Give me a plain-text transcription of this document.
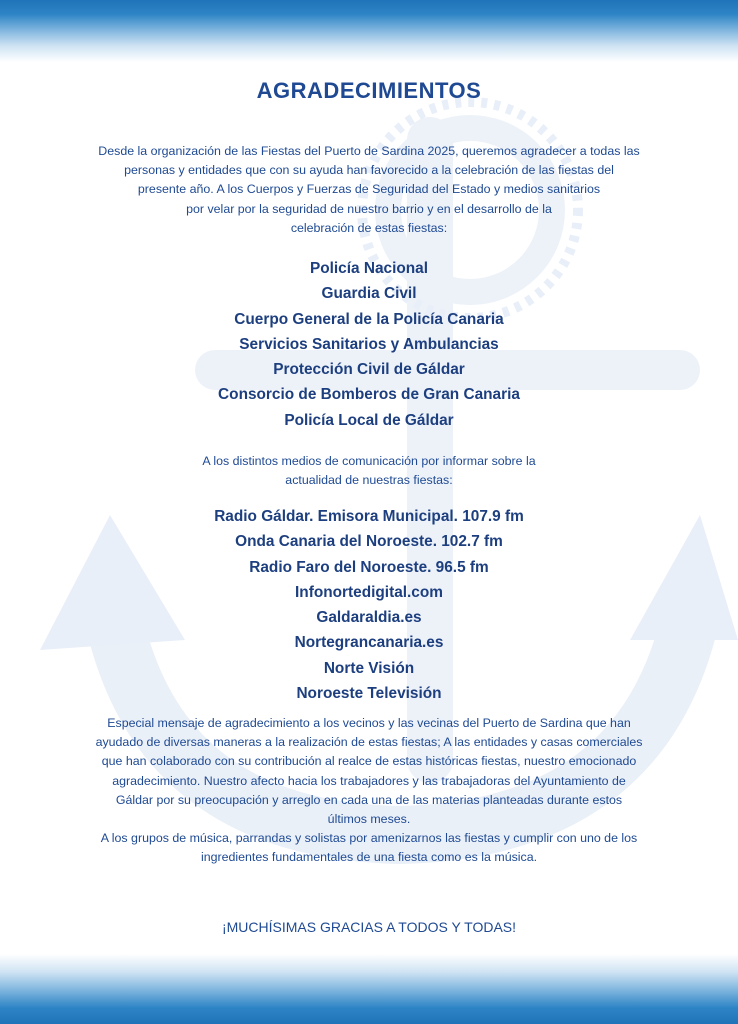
AGRADECIMIENTOS
Desde la organización de las Fiestas del Puerto de Sardina 2025, queremos agradecer a todas las
personas y entidades que con su ayuda han favorecido a la celebración de las fiestas del
presente año. A los Cuerpos y Fuerzas de Seguridad del Estado y medios sanitarios
por velar por la seguridad de nuestro barrio y en el desarrollo de la
celebración de estas fiestas:
Policía Nacional
Guardia Civil
Cuerpo General de la Policía Canaria
Servicios Sanitarios y Ambulancias
Protección Civil de Gáldar
Consorcio de Bomberos de Gran Canaria
Policía Local de Gáldar
A los distintos medios de comunicación por informar sobre la
actualidad de nuestras fiestas:
Radio Gáldar. Emisora Municipal. 107.9 fm
Onda Canaria del Noroeste. 102.7 fm
Radio Faro del Noroeste. 96.5 fm
Infonortedigital.com
Galdaraldia.es
Nortegrancanaria.es
Norte Visión
Noroeste Televisión
Especial mensaje de agradecimiento a los vecinos y las vecinas del Puerto de Sardina que han
ayudado de diversas maneras a la realización de estas fiestas; A las entidades y casas comerciales
que han colaborado con su contribución al realce de estas históricas fiestas, nuestro emocionado
agradecimiento. Nuestro afecto hacia los trabajadores y las trabajadoras del Ayuntamiento de
Gáldar por su preocupación y arreglo en cada una de las materias planteadas durante estos
últimos meses.
A los grupos de música, parrandas y solistas por amenizarnos las fiestas y cumplir con uno de los
ingredientes fundamentales de una fiesta como es la música.
¡MUCHÍSIMAS GRACIAS A TODOS Y TODAS!
